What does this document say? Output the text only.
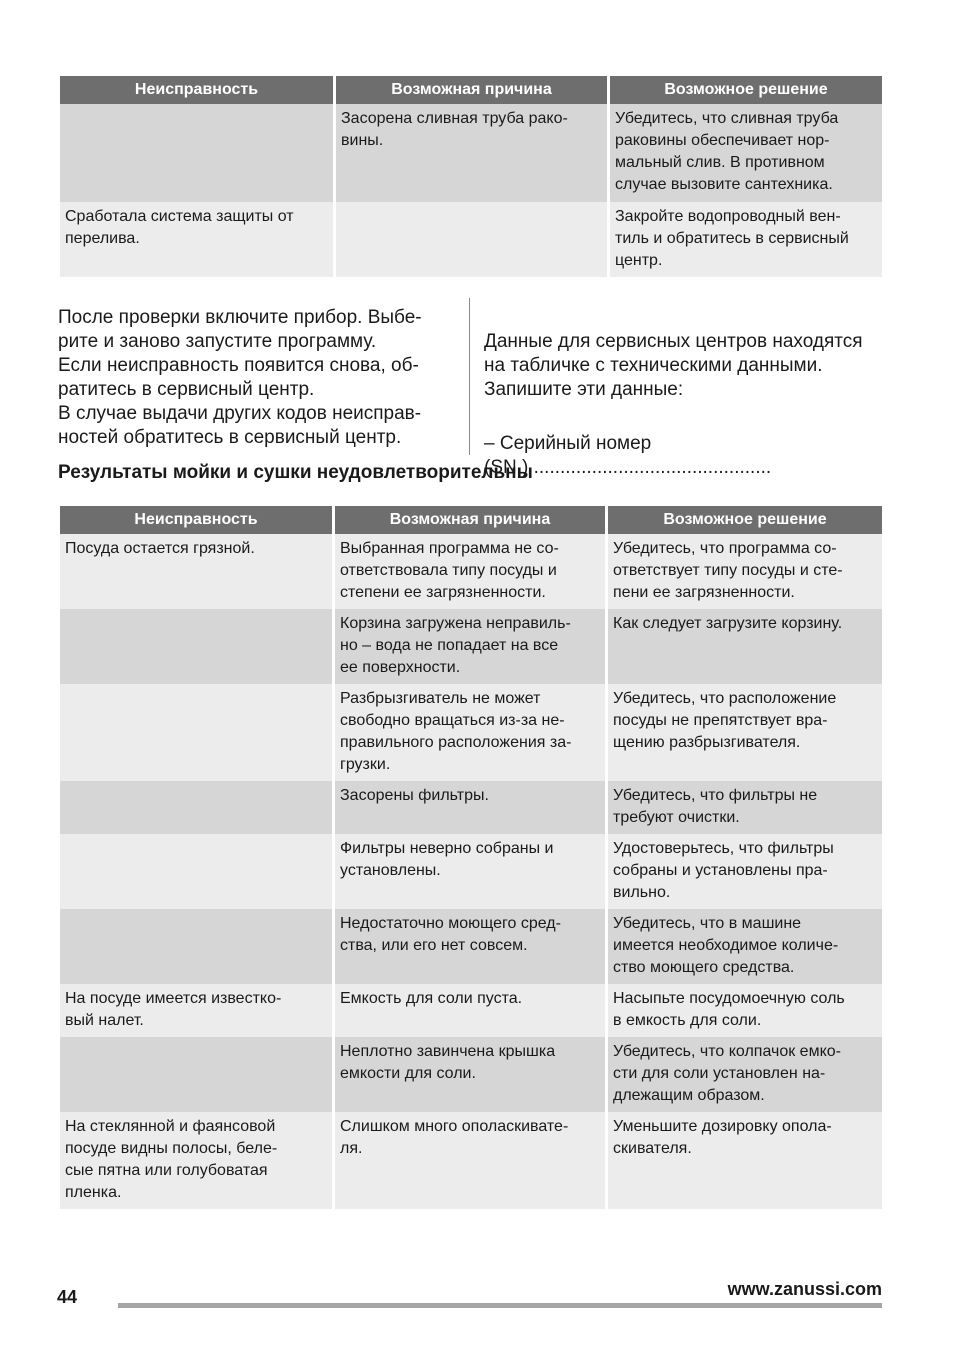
Неисправность	Возможная причина	Возможное решение
	Засорена сливная труба рако-
вины.	Убедитесь, что сливная труба
раковины обеспечивает нор-
мальный слив. В противном
случае вызовите сантехника.
Сработала система защиты от
перелива.		Закройте водопроводный вен-
тиль и обратитесь в сервисный
центр.
После проверки включите прибор. Выбе-
рите и заново запустите программу.
Если неисправность появится снова, об-
ратитесь в сервисный центр.
В случае выдачи других кодов неисправ-
ностей обратитесь в сервисный центр.

Данные для сервисных центров находятся
на табличке с техническими данными.
Запишите эти данные:

– Серийный номер
(SN.) .............................................

Результаты мойки и сушки неудовлетворительны
Неисправность	Возможная причина	Возможное решение
Посуда остается грязной.	Выбранная программа не со-
ответствовала типу посуды и
степени ее загрязненности.	Убедитесь, что программа со-
ответствует типу посуды и сте-
пени ее загрязненности.
	Корзина загружена неправиль-
но – вода не попадает на все
ее поверхности.	Как следует загрузите корзину.
	Разбрызгиватель не может
свободно вращаться из-за не-
правильного расположения за-
грузки.	Убедитесь, что расположение
посуды не препятствует вра-
щению разбрызгивателя.
	Засорены фильтры.	Убедитесь, что фильтры не
требуют очистки.
	Фильтры неверно собраны и
установлены.	Удостоверьтесь, что фильтры
собраны и установлены пра-
вильно.
	Недостаточно моющего сред-
ства, или его нет совсем.	Убедитесь, что в машине
имеется необходимое количе-
ство моющего средства.
На посуде имеется известко-
вый налет.	Емкость для соли пуста.	Насыпьте посудомоечную соль
в емкость для соли.
	Неплотно завинчена крышка
емкости для соли.	Убедитесь, что колпачок емко-
сти для соли установлен на-
длежащим образом.
На стеклянной и фаянсовой
посуде видны полосы, беле-
сые пятна или голубоватая
пленка.	Слишком много ополаскивате-
ля.	Уменьшите дозировку опола-
скивателя.
44	www.zanussi.com
